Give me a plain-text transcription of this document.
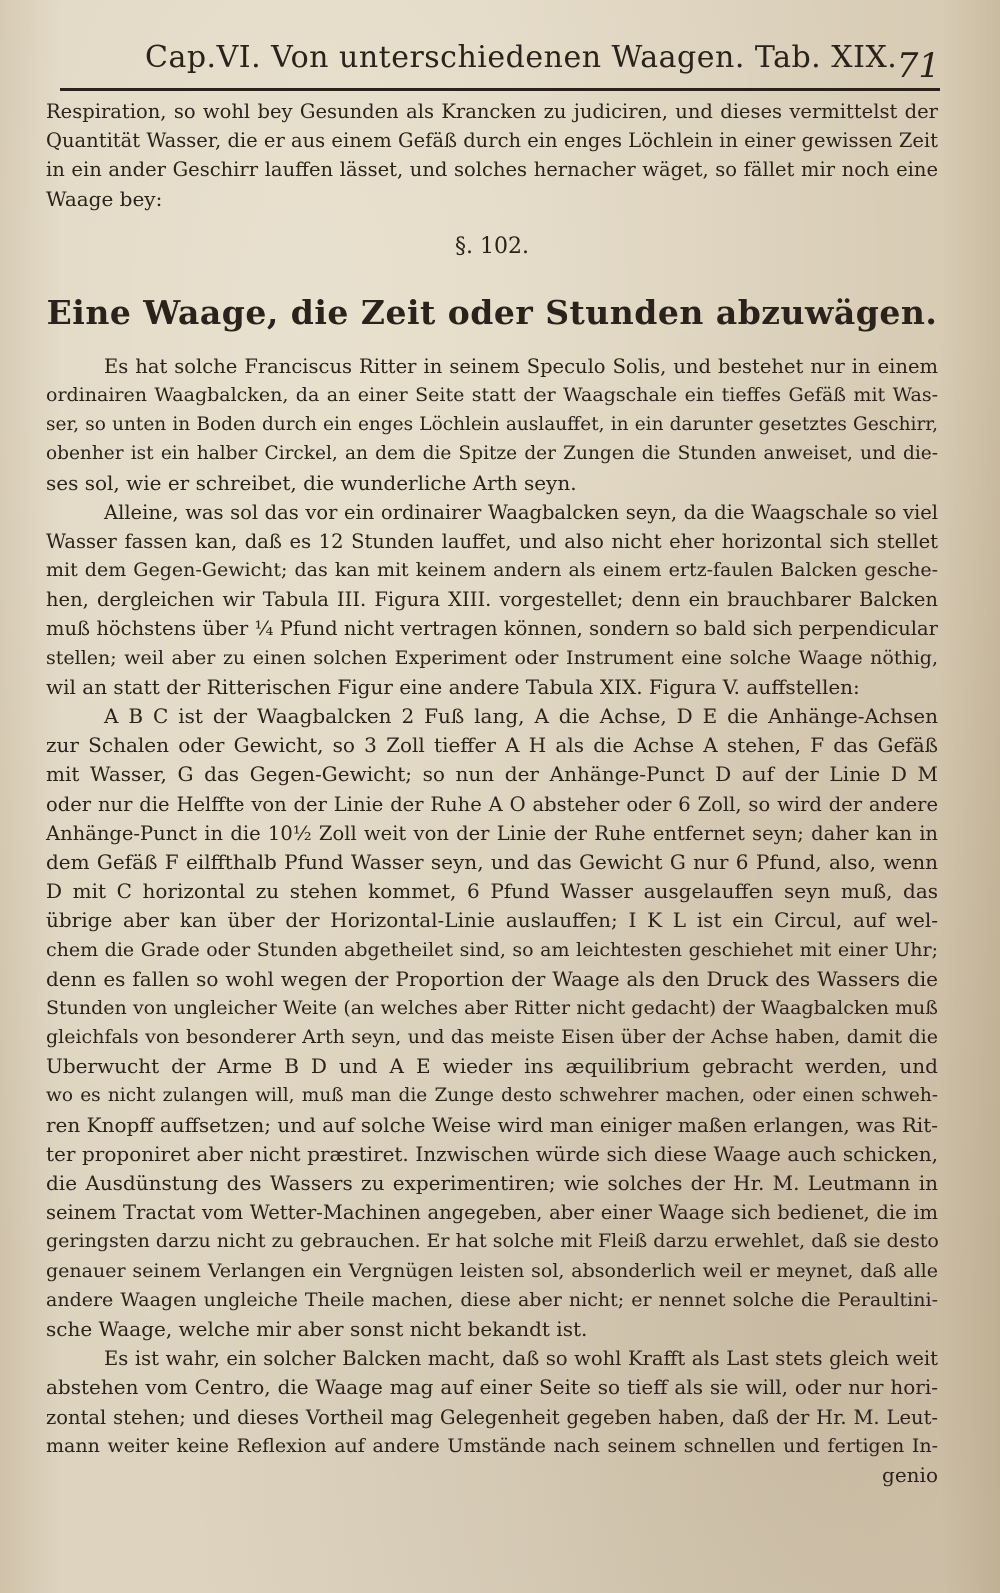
Cap.VI. Von unterschiedenen Waagen. Tab. XIX. 71
Respiration, so wohl bey Gesunden als Krancken zu judiciren, und dieses vermittelst der
Quantität Wasser, die er aus einem Gefäß durch ein enges Löchlein in einer gewissen Zeit
in ein ander Geschirr lauffen lässet, und solches hernacher wäget, so fället mir noch eine
Waage bey:
§. 102.
Eine Waage, die Zeit oder Stunden abzuwägen.
Es hat solche Franciscus Ritter in seinem Speculo Solis, und bestehet nur in einem
ordinairen Waagbalcken, da an einer Seite statt der Waagschale ein tieffes Gefäß mit Was-
ser, so unten in Boden durch ein enges Löchlein auslauffet, in ein darunter gesetztes Geschirr,
obenher ist ein halber Circkel, an dem die Spitze der Zungen die Stunden anweiset, und die-
ses sol, wie er schreibet, die wunderliche Arth seyn.
Alleine, was sol das vor ein ordinairer Waagbalcken seyn, da die Waagschale so viel
Wasser fassen kan, daß es 12 Stunden lauffet, und also nicht eher horizontal sich stellet
mit dem Gegen-Gewicht; das kan mit keinem andern als einem ertz-faulen Balcken gesche-
hen, dergleichen wir Tabula III. Figura XIII. vorgestellet; denn ein brauchbarer Balcken
muß höchstens über ¼ Pfund nicht vertragen können, sondern so bald sich perpendicular
stellen; weil aber zu einen solchen Experiment oder Instrument eine solche Waage nöthig,
wil an statt der Ritterischen Figur eine andere Tabula XIX. Figura V. auffstellen:
A B C ist der Waagbalcken 2 Fuß lang, A die Achse, D E die Anhänge-Achsen
zur Schalen oder Gewicht, so 3 Zoll tieffer A H als die Achse A stehen, F das Gefäß
mit Wasser, G das Gegen-Gewicht; so nun der Anhänge-Punct D auf der Linie D M
oder nur die Helffte von der Linie der Ruhe A O absteher oder 6 Zoll, so wird der andere
Anhänge-Punct in die 10½ Zoll weit von der Linie der Ruhe entfernet seyn; daher kan in
dem Gefäß F eilffthalb Pfund Wasser seyn, und das Gewicht G nur 6 Pfund, also, wenn
D mit C horizontal zu stehen kommet, 6 Pfund Wasser ausgelauffen seyn muß, das
übrige aber kan über der Horizontal-Linie auslauffen; I K L ist ein Circul, auf wel-
chem die Grade oder Stunden abgetheilet sind, so am leichtesten geschiehet mit einer Uhr;
denn es fallen so wohl wegen der Proportion der Waage als den Druck des Wassers die
Stunden von ungleicher Weite (an welches aber Ritter nicht gedacht) der Waagbalcken muß
gleichfals von besonderer Arth seyn, und das meiste Eisen über der Achse haben, damit die
Uberwucht der Arme B D und A E wieder ins æquilibrium gebracht werden, und
wo es nicht zulangen will, muß man die Zunge desto schwehrer machen, oder einen schweh-
ren Knopff auffsetzen; und auf solche Weise wird man einiger maßen erlangen, was Rit-
ter proponiret aber nicht præstiret. Inzwischen würde sich diese Waage auch schicken,
die Ausdünstung des Wassers zu experimentiren; wie solches der Hr. M. Leutmann in
seinem Tractat vom Wetter-Machinen angegeben, aber einer Waage sich bedienet, die im
geringsten darzu nicht zu gebrauchen. Er hat solche mit Fleiß darzu erwehlet, daß sie desto
genauer seinem Verlangen ein Vergnügen leisten sol, absonderlich weil er meynet, daß alle
andere Waagen ungleiche Theile machen, diese aber nicht; er nennet solche die Peraultini-
sche Waage, welche mir aber sonst nicht bekandt ist.
Es ist wahr, ein solcher Balcken macht, daß so wohl Krafft als Last stets gleich weit
abstehen vom Centro, die Waage mag auf einer Seite so tieff als sie will, oder nur hori-
zontal stehen; und dieses Vortheil mag Gelegenheit gegeben haben, daß der Hr. M. Leut-
mann weiter keine Reflexion auf andere Umstände nach seinem schnellen und fertigen In-
genio
